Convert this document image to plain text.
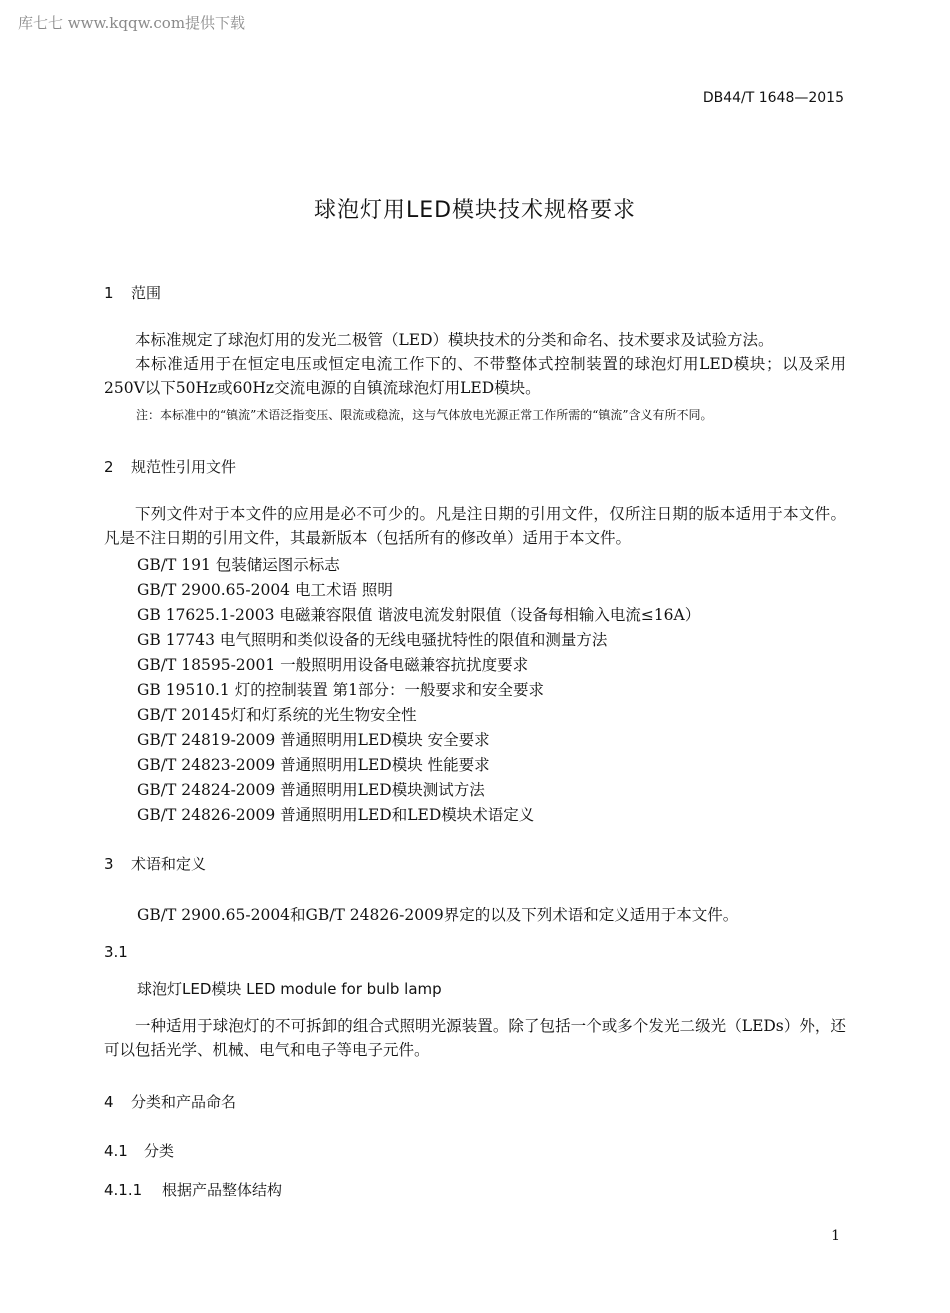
库七七 www.kqqw.com提供下载
DB44/T 1648—2015
球泡灯用LED模块技术规格要求
1 范围

本标准规定了球泡灯用的发光二极管（LED）模块技术的分类和命名、技术要求及试验方法。

本标准适用于在恒定电压或恒定电流工作下的、不带整体式控制装置的球泡灯用LED模块；以及采用250V以下50Hz或60Hz交流电源的自镇流球泡灯用LED模块。

注：本标准中的“镇流”术语泛指变压、限流或稳流，这与气体放电光源正常工作所需的“镇流”含义有所不同。
2 规范性引用文件

下列文件对于本文件的应用是必不可少的。凡是注日期的引用文件，仅所注日期的版本适用于本文件。凡是不注日期的引用文件，其最新版本（包括所有的修改单）适用于本文件。

GB/T 191 包装储运图示标志
GB/T 2900.65-2004 电工术语 照明
GB 17625.1-2003 电磁兼容限值 谐波电流发射限值（设备每相输入电流≤16A）
GB 17743 电气照明和类似设备的无线电骚扰特性的限值和测量方法
GB/T 18595-2001 一般照明用设备电磁兼容抗扰度要求
GB 19510.1 灯的控制装置 第1部分：一般要求和安全要求
GB/T 20145灯和灯系统的光生物安全性
GB/T 24819-2009 普通照明用LED模块 安全要求
GB/T 24823-2009 普通照明用LED模块 性能要求
GB/T 24824-2009 普通照明用LED模块测试方法
GB/T 24826-2009 普通照明用LED和LED模块术语定义
3 术语和定义
GB/T 2900.65-2004和GB/T 24826-2009界定的以及下列术语和定义适用于本文件。
3.1
球泡灯LED模块 LED module for bulb lamp

一种适用于球泡灯的不可拆卸的组合式照明光源装置。除了包括一个或多个发光二级光（LEDs）外，还可以包括光学、机械、电气和电子等电子元件。

4 分类和产品命名
4.1 分类
4.1.1 根据产品整体结构
1
